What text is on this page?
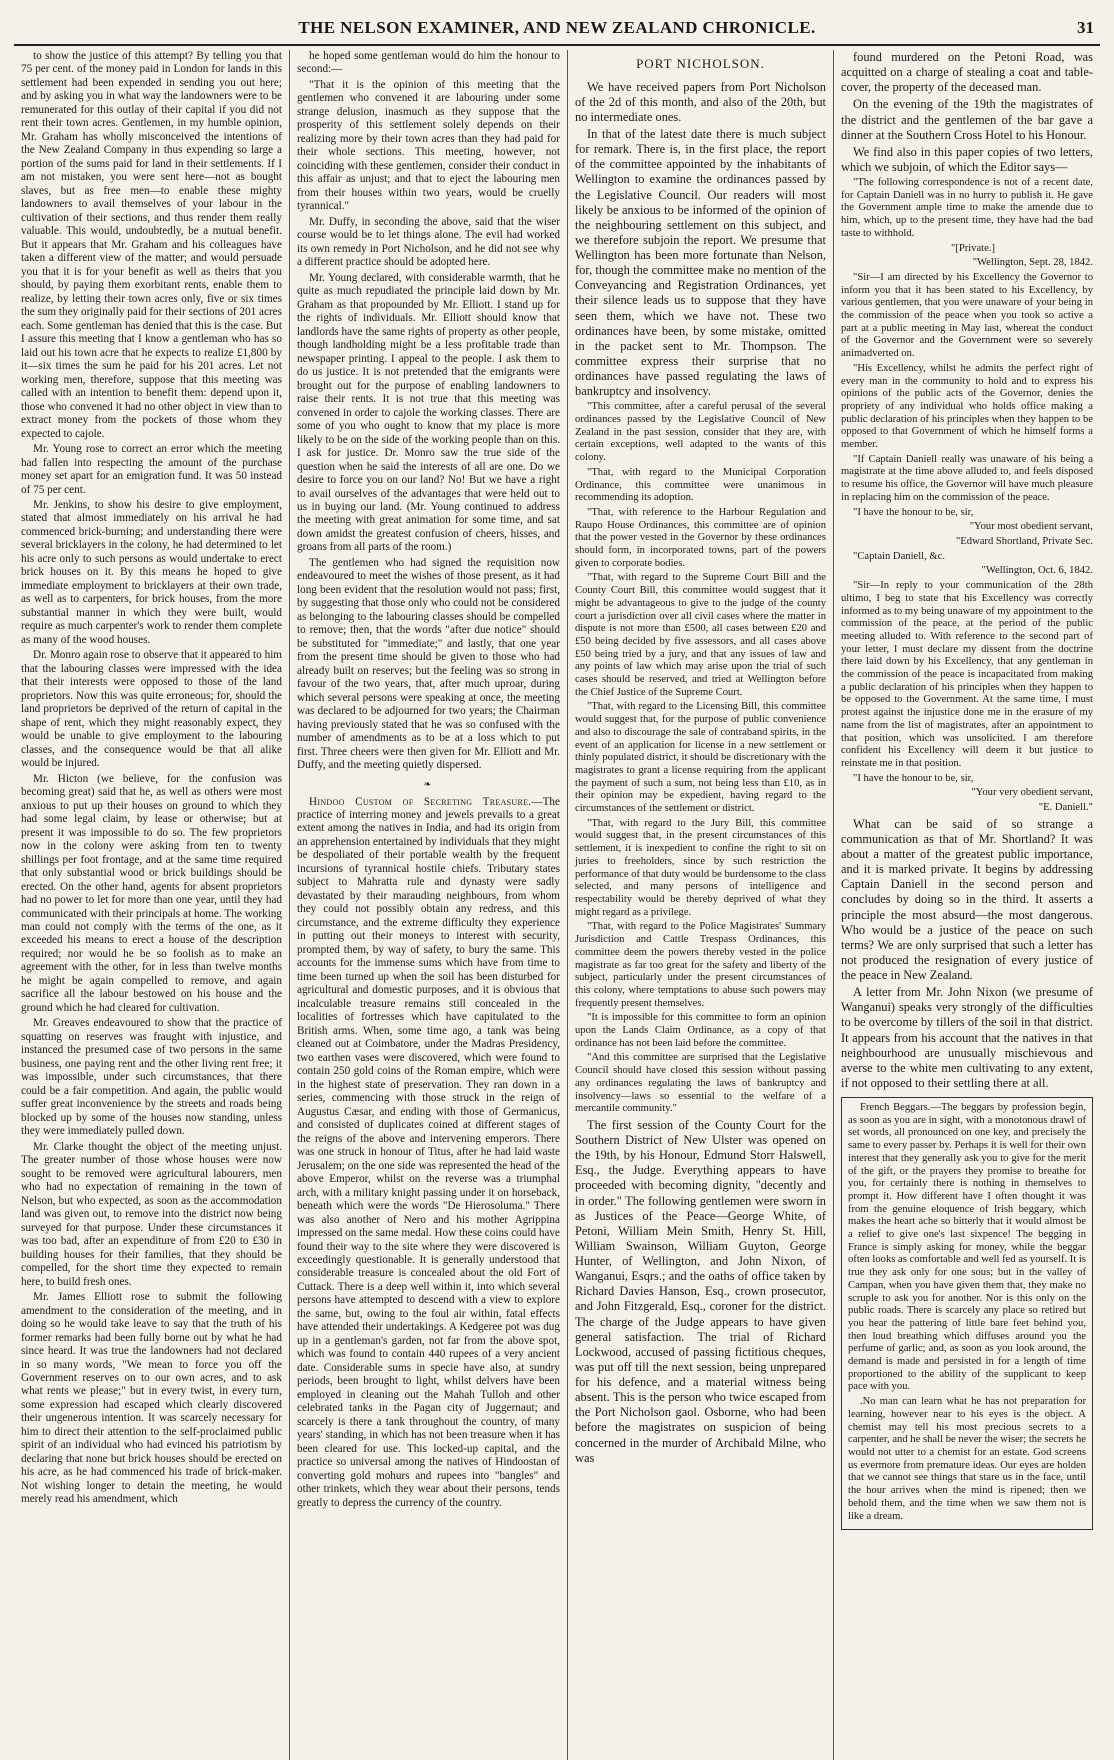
THE NELSON EXAMINER, AND NEW ZEALAND CHRONICLE.	31

to show the justice of this attempt? By telling you that 75 per cent. of the money paid in London for lands in this settlement had been expended in sending you out here; and by asking you in what way the landowners were to be remunerated for this outlay of their capital if you did not rent their town acres. Gentlemen, in my humble opinion, Mr. Graham has wholly misconceived the intentions of the New Zealand Company in thus expending so large a portion of the sums paid for land in their settlements. If I am not mistaken, you were sent here—not as bought slaves, but as free men—to enable these mighty landowners to avail themselves of your labour in the cultivation of their sections, and thus render them really valuable. This would, undoubtedly, be a mutual benefit. But it appears that Mr. Graham and his colleagues have taken a different view of the matter; and would persuade you that it is for your benefit as well as theirs that you should, by paying them exorbitant rents, enable them to realize, by letting their town acres only, five or six times the sum they originally paid for their sections of 201 acres each. Some gentleman has denied that this is the case. But I assure this meeting that I know a gentleman who has so laid out his town acre that he expects to realize £1,800 by it—six times the sum he paid for his 201 acres. Let not working men, therefore, suppose that this meeting was called with an intention to benefit them: depend upon it, those who convened it had no other object in view than to extract money from the pockets of those whom they expected to cajole.

Mr. Young rose to correct an error which the meeting had fallen into respecting the amount of the purchase money set apart for an emigration fund. It was 50 instead of 75 per cent.

Mr. Jenkins, to show his desire to give employment, stated that almost immediately on his arrival he had commenced brick-burning; and understanding there were several bricklayers in the colony, he had determined to let his acre only to such persons as would undertake to erect brick houses on it. By this means he hoped to give immediate employment to bricklayers at their own trade, as well as to carpenters, for brick houses, from the more substantial manner in which they were built, would require as much carpenter's work to render them complete as many of the wood houses.

Dr. Monro again rose to observe that it appeared to him that the labouring classes were impressed with the idea that their interests were opposed to those of the land proprietors. Now this was quite erroneous; for, should the land proprietors be deprived of the return of capital in the shape of rent, which they might reasonably expect, they would be unable to give employment to the labouring classes, and the consequence would be that all alike would be injured.

Mr. Hicton (we believe, for the confusion was becoming great) said that he, as well as others were most anxious to put up their houses on ground to which they had some legal claim, by lease or otherwise; but at present it was impossible to do so. The few proprietors now in the colony were asking from ten to twenty shillings per foot frontage, and at the same time required that only substantial wood or brick buildings should be erected. On the other hand, agents for absent proprietors had no power to let for more than one year, until they had communicated with their principals at home. The working man could not comply with the terms of the one, as it exceeded his means to erect a house of the description required; nor would he be so foolish as to make an agreement with the other, for in less than twelve months he might be again compelled to remove, and again sacrifice all the labour bestowed on his house and the ground which he had cleared for cultivation.

Mr. Greaves endeavoured to show that the practice of squatting on reserves was fraught with injustice, and instanced the presumed case of two persons in the same business, one paying rent and the other living rent free; it was impossible, under such circumstances, that there could be a fair competition. And again, the public would suffer great inconvenience by the streets and roads being blocked up by some of the houses now standing, unless they were immediately pulled down.

Mr. Clarke thought the object of the meeting unjust. The greater number of those whose houses were now sought to be removed were agricultural labourers, men who had no expectation of remaining in the town of Nelson, but who expected, as soon as the accommodation land was given out, to remove into the district now being surveyed for that purpose. Under these circumstances it was too bad, after an expenditure of from £20 to £30 in building houses for their families, that they should be compelled, for the short time they expected to remain here, to build fresh ones.

Mr. James Elliott rose to submit the following amendment to the consideration of the meeting, and in doing so he would take leave to say that the truth of his former remarks had been fully borne out by what he had since heard. It was true the landowners had not declared in so many words, "We mean to force you off the Government reserves on to our own acres, and to ask what rents we please;" but in every twist, in every turn, some expression had escaped which clearly discovered their ungenerous intention. It was scarcely necessary for him to direct their attention to the self-proclaimed public spirit of an individual who had evinced his patriotism by declaring that none but brick houses should be erected on his acre, as he had commenced his trade of brick-maker. Not wishing longer to detain the meeting, he would merely read his amendment, which

he hoped some gentleman would do him the honour to second:—

"That it is the opinion of this meeting that the gentlemen who convened it are labouring under some strange delusion, inasmuch as they suppose that the prosperity of this settlement solely depends on their realizing more by their town acres than they had paid for their whole sections. This meeting, however, not coinciding with these gentlemen, consider their conduct in this affair as unjust; and that to eject the labouring men from their houses within two years, would be cruelly tyrannical."

Mr. Duffy, in seconding the above, said that the wiser course would be to let things alone. The evil had worked its own remedy in Port Nicholson, and he did not see why a different practice should be adopted here.

Mr. Young declared, with considerable warmth, that he quite as much repudiated the principle laid down by Mr. Graham as that propounded by Mr. Elliott. I stand up for the rights of individuals. Mr. Elliott should know that landlords have the same rights of property as other people, though landholding might be a less profitable trade than newspaper printing. I appeal to the people. I ask them to do us justice. It is not pretended that the emigrants were brought out for the purpose of enabling landowners to raise their rents. It is not true that this meeting was convened in order to cajole the working classes. There are some of you who ought to know that my place is more likely to be on the side of the working people than on this. I ask for justice. Dr. Monro saw the true side of the question when he said the interests of all are one. Do we desire to force you on our land? No! But we have a right to avail ourselves of the advantages that were held out to us in buying our land. (Mr. Young continued to address the meeting with great animation for some time, and sat down amidst the greatest confusion of cheers, hisses, and groans from all parts of the room.)

The gentlemen who had signed the requisition now endeavoured to meet the wishes of those present, as it had long been evident that the resolution would not pass; first, by suggesting that those only who could not be considered as belonging to the labouring classes should be compelled to remove; then, that the words "after due notice" should be substituted for "immediate;" and lastly, that one year from the present time should be given to those who had already built on reserves; but the feeling was so strong in favour of the two years, that, after much uproar, during which several persons were speaking at once, the meeting was declared to be adjourned for two years; the Chairman having previously stated that he was so confused with the number of amendments as to be at a loss which to put first. Three cheers were then given for Mr. Elliott and Mr. Duffy, and the meeting quietly dispersed.

❧

Hindoo Custom of Secreting Treasure.—The practice of interring money and jewels prevails to a great extent among the natives in India, and had its origin from an apprehension entertained by individuals that they might be despoliated of their portable wealth by the frequent incursions of tyrannical hostile chiefs. Tributary states subject to Mahratta rule and dynasty were sadly devastated by their marauding neighbours, from whom they could not possibly obtain any redress, and this circumstance, and the extreme difficulty they experience in putting out their moneys to interest with security, prompted them, by way of safety, to bury the same. This accounts for the immense sums which have from time to time been turned up when the soil has been disturbed for agricultural and domestic purposes, and it is obvious that incalculable treasure remains still concealed in the localities of fortresses which have capitulated to the British arms. When, some time ago, a tank was being cleaned out at Coimbatore, under the Madras Presidency, two earthen vases were discovered, which were found to contain 250 gold coins of the Roman empire, which were in the highest state of preservation. They ran down in a series, commencing with those struck in the reign of Augustus Cæsar, and ending with those of Germanicus, and consisted of duplicates coined at different stages of the reigns of the above and intervening emperors. There was one struck in honour of Titus, after he had laid waste Jerusalem; on the one side was represented the head of the above Emperor, whilst on the reverse was a triumphal arch, with a military knight passing under it on horseback, beneath which were the words "De Hierosoluma." There was also another of Nero and his mother Agrippina impressed on the same medal. How these coins could have found their way to the site where they were discovered is exceedingly questionable. It is generally understood that considerable treasure is concealed about the old Fort of Cuttack. There is a deep well within it, into which several persons have attempted to descend with a view to explore the same, but, owing to the foul air within, fatal effects have attended their undertakings. A Kedgeree pot was dug up in a gentleman's garden, not far from the above spot, which was found to contain 440 rupees of a very ancient date. Considerable sums in specie have also, at sundry periods, been brought to light, whilst delvers have been employed in cleaning out the Mahah Tulloh and other celebrated tanks in the Pagan city of Juggernaut; and scarcely is there a tank throughout the country, of many years' standing, in which has not been treasure when it has been cleared for use. This locked-up capital, and the practice so universal among the natives of Hindoostan of converting gold mohurs and rupees into "bangles" and other trinkets, which they wear about their persons, tends greatly to depress the currency of the country.

PORT NICHOLSON.

We have received papers from Port Nicholson of the 2d of this month, and also of the 20th, but no intermediate ones.

In that of the latest date there is much subject for remark. There is, in the first place, the report of the committee appointed by the inhabitants of Wellington to examine the ordinances passed by the Legislative Council. Our readers will most likely be anxious to be informed of the opinion of the neighbouring settlement on this subject, and we therefore subjoin the report. We presume that Wellington has been more fortunate than Nelson, for, though the committee make no mention of the Conveyancing and Registration Ordinances, yet their silence leads us to suppose that they have seen them, which we have not. These two ordinances have been, by some mistake, omitted in the packet sent to Mr. Thompson. The committee express their surprise that no ordinances have passed regulating the laws of bankruptcy and insolvency.

"This committee, after a careful perusal of the several ordinances passed by the Legislative Council of New Zealand in the past session, consider that they are, with certain exceptions, well adapted to the wants of this colony.

"That, with regard to the Municipal Corporation Ordinance, this committee were unanimous in recommending its adoption.

"That, with reference to the Harbour Regulation and Raupo House Ordinances, this committee are of opinion that the power vested in the Governor by these ordinances should form, in incorporated towns, part of the powers given to corporate bodies.

"That, with regard to the Supreme Court Bill and the County Court Bill, this committee would suggest that it might be advantageous to give to the judge of the county court a jurisdiction over all civil cases where the matter in dispute is not more than £500, all cases between £20 and £50 being decided by five assessors, and all cases above £50 being tried by a jury, and that any issues of law and any points of law which may arise upon the trial of such cases should be reserved, and tried at Wellington before the Chief Justice of the Supreme Court.

"That, with regard to the Licensing Bill, this committee would suggest that, for the purpose of public convenience and also to discourage the sale of contraband spirits, in the event of an application for license in a new settlement or thinly populated district, it should be discretionary with the magistrates to grant a license requiring from the applicant the payment of such a sum, not being less than £10, as in their opinion may be expedient, having regard to the circumstances of the settlement or district.

"That, with regard to the Jury Bill, this committee would suggest that, in the present circumstances of this settlement, it is inexpedient to confine the right to sit on juries to freeholders, since by such restriction the performance of that duty would be burdensome to the class selected, and many persons of intelligence and respectability would be thereby deprived of what they might regard as a privilege.

"That, with regard to the Police Magistrates' Summary Jurisdiction and Cattle Trespass Ordinances, this committee deem the powers thereby vested in the police magistrate as far too great for the safety and liberty of the subject, particularly under the present circumstances of this colony, where temptations to abuse such powers may frequently present themselves.

"It is impossible for this committee to form an opinion upon the Lands Claim Ordinance, as a copy of that ordinance has not been laid before the committee.

"And this committee are surprised that the Legislative Council should have closed this session without passing any ordinances regulating the laws of bankruptcy and insolvency—laws so essential to the welfare of a mercantile community."

The first session of the County Court for the Southern District of New Ulster was opened on the 19th, by his Honour, Edmund Storr Halswell, Esq., the Judge. Everything appears to have proceeded with becoming dignity, "decently and in order." The following gentlemen were sworn in as Justices of the Peace—George White, of Petoni, William Mein Smith, Henry St. Hill, William Swainson, William Guyton, George Hunter, of Wellington, and John Nixon, of Wanganui, Esqrs.; and the oaths of office taken by Richard Davies Hanson, Esq., crown prosecutor, and John Fitzgerald, Esq., coroner for the district. The charge of the Judge appears to have given general satisfaction. The trial of Richard Lockwood, accused of passing fictitious cheques, was put off till the next session, being unprepared for his defence, and a material witness being absent. This is the person who twice escaped from the Port Nicholson gaol. Osborne, who had been before the magistrates on suspicion of being concerned in the murder of Archibald Milne, who was

found murdered on the Petoni Road, was acquitted on a charge of stealing a coat and table-cover, the property of the deceased man.

On the evening of the 19th the magistrates of the district and the gentlemen of the bar gave a dinner at the Southern Cross Hotel to his Honour.

We find also in this paper copies of two letters, which we subjoin, of which the Editor says—

"The following correspondence is not of a recent date, for Captain Daniell was in no hurry to publish it. He gave the Government ample time to make the amende due to him, which, up to the present time, they have had the bad taste to withhold.

"[Private.]

"Wellington, Sept. 28, 1842.

"Sir—I am directed by his Excellency the Governor to inform you that it has been stated to his Excellency, by various gentlemen, that you were unaware of your being in the commission of the peace when you took so active a part at a public meeting in May last, whereat the conduct of the Governor and the Government were so severely animadverted on.

"His Excellency, whilst he admits the perfect right of every man in the community to hold and to express his opinions of the public acts of the Governor, denies the propriety of any individual who holds office making a public declaration of his principles when they happen to be opposed to that Government of which he himself forms a member.

"If Captain Daniell really was unaware of his being a magistrate at the time above alluded to, and feels disposed to resume his office, the Governor will have much pleasure in replacing him on the commission of the peace.

"I have the honour to be, sir,

"Your most obedient servant,

"Edward Shortland, Private Sec.

"Captain Daniell, &c.

"Wellington, Oct. 6, 1842.

"Sir—In reply to your communication of the 28th ultimo, I beg to state that his Excellency was correctly informed as to my being unaware of my appointment to the commission of the peace, at the period of the public meeting alluded to. With reference to the second part of your letter, I must declare my dissent from the doctrine there laid down by his Excellency, that any gentleman in the commission of the peace is incapacitated from making a public declaration of his principles when they happen to be opposed to the Government. At the same time, I must protest against the injustice done me in the erasure of my name from the list of magistrates, after an appointment to that position, which was unsolicited. I am therefore confident his Excellency will deem it but justice to reinstate me in that position.

"I have the honour to be, sir,

"Your very obedient servant,

"E. Daniell."

What can be said of so strange a communication as that of Mr. Shortland? It was about a matter of the greatest public importance, and it is marked private. It begins by addressing Captain Daniell in the second person and concludes by doing so in the third. It asserts a principle the most absurd—the most dangerous. Who would be a justice of the peace on such terms? We are only surprised that such a letter has not produced the resignation of every justice of the peace in New Zealand.

A letter from Mr. John Nixon (we presume of Wanganui) speaks very strongly of the difficulties to be overcome by tillers of the soil in that district. It appears from his account that the natives in that neighbourhood are unusually mischievous and averse to the white men cultivating to any extent, if not opposed to their settling there at all.

French Beggars.—The beggars by profession begin, as soon as you are in sight, with a monotonous drawl of set words, all pronounced on one key, and precisely the same to every passer by. Perhaps it is well for their own interest that they generally ask you to give for the merit of the gift, or the prayers they promise to breathe for you, for certainly there is nothing in themselves to prompt it. How different have I often thought it was from the genuine eloquence of Irish beggary, which makes the heart ache so bitterly that it would almost be a relief to give one's last sixpence! The begging in France is simply asking for money, while the beggar often looks as comfortable and well fed as yourself. It is true they ask only for one sous; but in the valley of Campan, when you have given them that, they make no scruple to ask you for another. Nor is this only on the public roads. There is scarcely any place so retired but you hear the pattering of little bare feet behind you, then loud breathing which diffuses around you the perfume of garlic; and, as soon as you look around, the demand is made and persisted in for a length of time proportioned to the ability of the supplicant to keep pace with you.

.No man can learn what he has not preparation for learning, however near to his eyes is the object. A chemist may tell his most precious secrets to a carpenter, and he shall be never the wiser; the secrets he would not utter to a chemist for an estate. God screens us evermore from premature ideas. Our eyes are holden that we cannot see things that stare us in the face, until the hour arrives when the mind is ripened; then we behold them, and the time when we saw them not is like a dream.
